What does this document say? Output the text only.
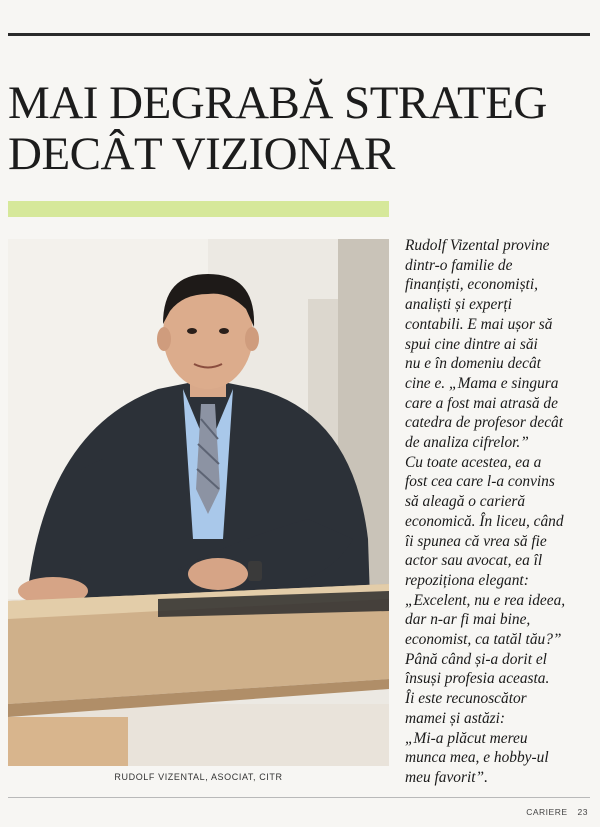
MAI DEGRABĂ STRATEG
DECÂT VIZIONAR
RUDOLF VIZENTAL, ASOCIAT, CITR
Rudolf Vizental provine
dintr-o familie de
finanțiști, economiști,
analiști și experți
contabili. E mai ușor să
spui cine dintre ai săi
nu e în domeniu decât
cine e. „Mama e singura
care a fost mai atrasă de
catedra de profesor decât
de analiza cifrelor.”
Cu toate acestea, ea a
fost cea care l-a convins
să aleagă o carieră
economică. În liceu, când
îi spunea că vrea să fie
actor sau avocat, ea îl
repoziționa elegant:
„Excelent, nu e rea ideea,
dar n-ar fi mai bine,
economist, ca tatăl tău?”
Până când și-a dorit el
însuși profesia aceasta.
Îi este recunoscător
mamei și astăzi:
„Mi-a plăcut mereu
munca mea, e hobby-ul
meu favorit”.
CARIERE 23
